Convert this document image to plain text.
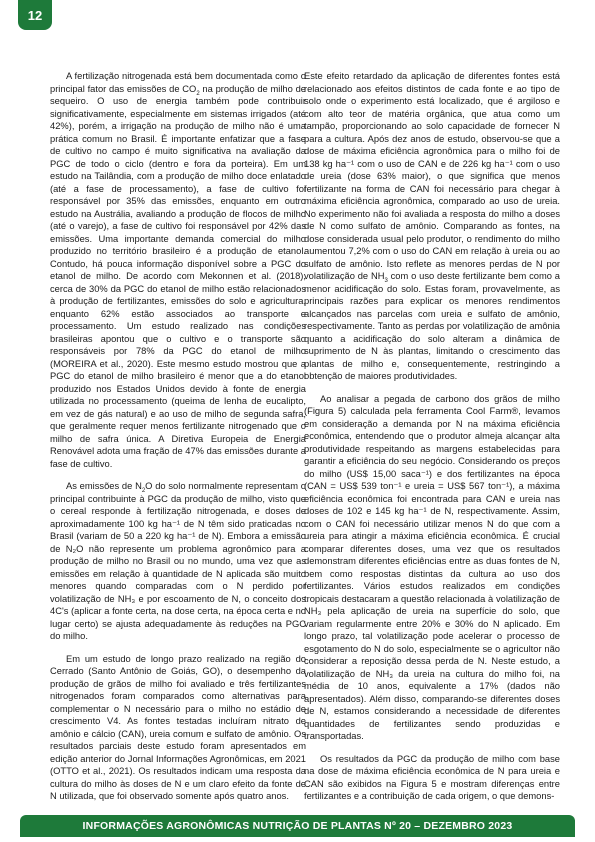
12

A fertilização nitrogenada está bem documentada como o principal fator das emissões de $CO_2$ na produção de milho de sequeiro. O uso de energia também pode contribuir significativamente, especialmente em sistemas irrigados (até 42%), porém, a irrigação na produção de milho não é uma prática comum no Brasil. É importante enfatizar que a fase de cultivo no campo é muito significativa na avaliação da PGC de todo o ciclo (dentro e fora da porteira). Em um estudo na Tailândia, com a produção de milho doce enlatado (até a fase de processamento), a fase de cultivo foi responsável por 35% das emissões, enquanto em outro estudo na Austrália, avaliando a produção de flocos de milho (até o varejo), a fase de cultivo foi responsável por 42% das emissões. Uma importante demanda comercial do milho produzido no território brasileiro é a produção de etanol. Contudo, há pouca informação disponível sobre a PGC do etanol de milho. De acordo com Mekonnen et al. (2018), cerca de 30% da PGC do etanol de milho estão relacionados à produção de fertilizantes, emissões do solo e agricultura, enquanto 62% estão associados ao transporte e processamento. Um estudo realizado nas condições brasileiras apontou que o cultivo e o transporte são responsáveis por 78% da PGC do etanol de milho (MOREIRA et al., 2020). Este mesmo estudo mostrou que a PGC do etanol de milho brasileiro é menor que a do etanol produzido nos Estados Unidos devido à fonte de energia utilizada no processamento (queima de lenha de eucalipto, em vez de gás natural) e ao uso de milho de segunda safra, que geralmente requer menos fertilizante nitrogenado que o milho de safra única. A Diretiva Europeia de Energia Renovável adota uma fração de 47% das emissões durante a fase de cultivo.

As emissões de $N_2O$ do solo normalmente representam o principal contribuinte à PGC da produção de milho, visto que o cereal responde à fertilização nitrogenada, e doses de aproximadamente 100 kg ha⁻¹ de N têm sido praticadas no Brasil (variam de 50 a 220 kg ha⁻¹ de N). Embora a emissão de N₂O não represente um problema agronômico para a produção de milho no Brasil ou no mundo, uma vez que as emissões em relação à quantidade de N aplicada são muito menores quando comparadas com o N perdido por volatilização de NH₃ e por escoamento de N, o conceito dos 4C's (aplicar a fonte certa, na dose certa, na época certa e no lugar certo) se ajusta adequadamente às reduções na PGC do milho.

Em um estudo de longo prazo realizado na região do Cerrado (Santo Antônio de Goiás, GO), o desempenho da produção de grãos de milho foi avaliado e três fertilizantes nitrogenados foram comparados como alternativas para complementar o N necessário para o milho no estádio de crescimento V4. As fontes testadas incluíram nitrato de amônio e cálcio (CAN), ureia comum e sulfato de amônio. Os resultados parciais deste estudo foram apresentados em edição anterior do Jornal Informações Agronômicas, em 2021 (OTTO et al., 2021). Os resultados indicam uma resposta da cultura do milho às doses de N e um claro efeito da fonte de N utilizada, que foi observado somente após quatro anos.

Este efeito retardado da aplicação de diferentes fontes está relacionado aos efeitos distintos de cada fonte e ao tipo de solo onde o experimento está localizado, que é argiloso e com alto teor de matéria orgânica, que atua como um tampão, proporcionando ao solo capacidade de fornecer N para a cultura. Após dez anos de estudo, observou-se que a dose de máxima eficiência agronômica para o milho foi de 138 kg ha⁻¹ com o uso de CAN e de 226 kg ha⁻¹ com o uso de ureia (dose 63% maior), o que significa que menos fertilizante na forma de CAN foi necessário para chegar à máxima eficiência agronômica, comparado ao uso de ureia. No experimento não foi avaliada a resposta do milho a doses de N como sulfato de amônio. Comparando as fontes, na dose considerada usual pelo produtor, o rendimento do milho aumentou 7,2% com o uso do CAN em relação à ureia ou ao sulfato de amônio. Isto reflete as menores perdas de N por volatilização de $NH_3$ com o uso deste fertilizante bem como a menor acidificação do solo. Estas foram, provavelmente, as principais razões para explicar os menores rendimentos alcançados nas parcelas com ureia e sulfato de amônio, respectivamente. Tanto as perdas por volatilização de amônia quanto a acidificação do solo alteram a dinâmica de suprimento de N às plantas, limitando o crescimento das plantas de milho e, consequentemente, restringindo a obtenção de maiores produtividades.

Ao analisar a pegada de carbono dos grãos de milho (Figura 5) calculada pela ferramenta Cool Farm®, levamos em consideração a demanda por N na máxima eficiência econômica, entendendo que o produtor almeja alcançar alta produtividade respeitando as margens estabelecidas para garantir a eficiência do seu negócio. Considerando os preços do milho (US$ 15,00 saca⁻¹) e dos fertilizantes na época (CAN = US$ 539 ton⁻¹ e ureia = US$ 567 ton⁻¹), a máxima eficiência econômica foi encontrada para CAN e ureia nas doses de 102 e 145 kg ha⁻¹ de N, respectivamente. Assim, com o CAN foi necessário utilizar menos N do que com a ureia para atingir a máxima eficiência econômica. É crucial comparar diferentes doses, uma vez que os resultados demonstram diferentes eficiências entre as duas fontes de N, bem como respostas distintas da cultura ao uso dos fertilizantes. Vários estudos realizados em condições tropicais destacaram a questão relacionada à volatilização de NH₃ pela aplicação de ureia na superfície do solo, que variam regularmente entre 20% e 30% do N aplicado. Em longo prazo, tal volatilização pode acelerar o processo de esgotamento do N do solo, especialmente se o agricultor não considerar a reposição dessa perda de N. Neste estudo, a volatilização de NH₃ da ureia na cultura do milho foi, na média de 10 anos, equivalente a 17% (dados não apresentados). Além disso, comparando-se diferentes doses de N, estamos considerando a necessidade de diferentes quantidades de fertilizantes sendo produzidas e transportadas.

Os resultados da PGC da produção de milho com base na dose de máxima eficiência econômica de N para ureia e CAN são exibidos na Figura 5 e mostram diferenças entre fertilizantes e a contribuição de cada origem, o que demons-

INFORMAÇÕES AGRONÔMICAS NUTRIÇÃO DE PLANTAS Nº 20 – DEZEMBRO 2023
